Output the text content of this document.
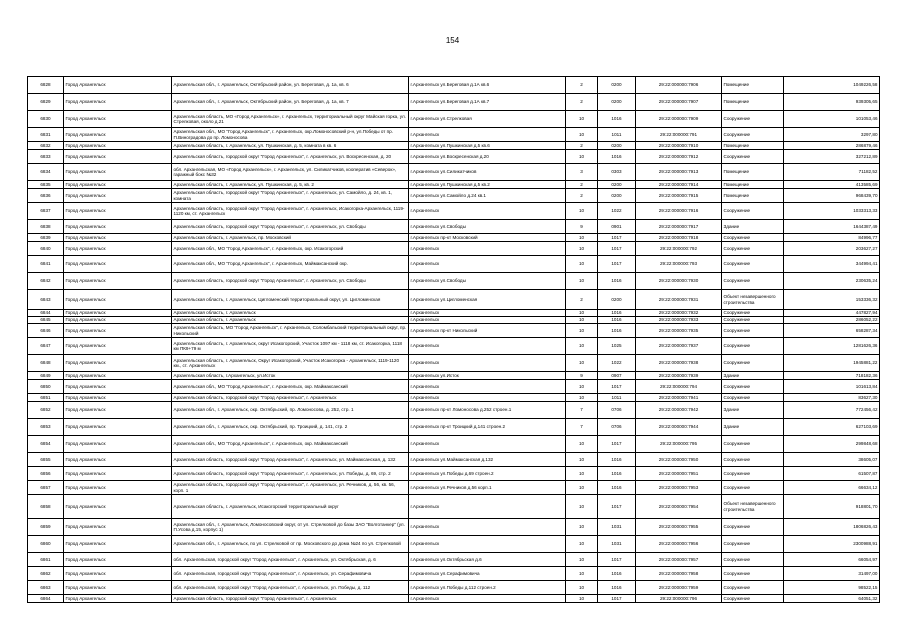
154
6828	Город Архангельск	Архангельская обл., г. Архангельск, Октябрьский район, ул. Береговая, д. 1а, кв. 6	г.Архангельск ул.Береговая д.1А кв.6	2	0200	29:22:000000:7906	Помещение	1049226,58
6829	Город Архангельск	Архангельская обл., г. Архангельск, Октябрьский район, ул. Береговая, д. 1а, кв. 7	г.Архангельск ул.Береговая д.1А кв.7	2	0200	29:22:000000:7907	Помещение	939305,65
6830	Город Архангельск	Архангельская область, МО «Город Архангельск», г. Архангельск, территориальный округ Майская горка, ул. Стрелковая, около д.21	г.Архангельск ул.Стрелковая	10	1016	29:22:000000:7909	Сооружение	101053,46
6831	Город Архангельск	Архангельская обл., МО "Город Архангельск", г. Архангельск, окр.Ломоносовский р-н, ул.Победы от пр. П.Виноградова до пр. Ломоносова	г.Архангельск	10	1011	29:22:000000:791	Сооружение	3297,80
6832	Город Архангельск	Архангельская область, г. Архангельск, ул. Пушкинская, д. 5, комната в кв. 6	г.Архангельск ул.Пушкинская д.5 кв.6	2	0200	29:22:000000:7910	Помещение	286879,46
6833	Город Архангельск	Архангельская область, городской округ "Город Архангельск", г. Архангельск, ул. Воскресенская, д. 20	г.Архангельск ул.Воскресенская д.20	10	1016	29:22:000000:7912	Сооружение	327212,89
6834	Город Архангельск	обл. Архангельская, МО «Город Архангельск», г. Архангельск, ул. Силикатчиков, кооператив «Северок», гаражный бокс №32	г.Архангельск ул.Силикатчиков	3	0303	29:22:000000:7913	Помещение	71182,52
6835	Город Архангельск	Архангельская область, г. Архангельск, ул. Пушкинская, д. 5, кв. 2	г.Архангельск ул.Пушкинская д.5 кв.2	2	0200	29:22:000000:7914	Помещение	413585,69
6836	Город Архангельск	Архангельская область, городской округ "Город Архангельск", г. Архангельск, ул. Самойло, д. 24, кв. 1, комната	г.Архангельск ул.Самойло д.24 кв.1	2	0200	29:22:000000:7915	Помещение	968439,70
6837	Город Архангельск	Архангельская область, городской округ "Город Архангельск", г. Архангельск, Исакогорка-Архангельск, 1119-1120 км, ст. Архангельск	г.Архангельск	10	1022	29:22:000000:7916	Сооружение	1033313,33
6838	Город Архангельск	Архангельская область, городской округ "Город Архангельск", г. Архангельск, ул. Свободы	г.Архангельск ул.Свободы	9	0901	29:22:000000:7917	Здание	1644387,49
6839	Город Архангельск	Архангельская область, г. Архангельск, пр. Московский	г.Архангельск пр-кт Московский	10	1017	29:22:000000:7918	Сооружение	84996,77
6840	Город Архангельск	Архангельская обл., МО "Город Архангельск", г. Архангельск, окр. Исакогорский	г.Архангельск	10	1017	29:22:000000:792	Сооружение	203627,27
6841	Город Архангельск	Архангельская обл., МО "Город Архангельск", г. Архангельск, Маймаксанский окр.	г.Архангельск	10	1017	29:22:000000:793	Сооружение	344994,41
6842	Город Архангельск	Архангельская область, городской округ "Город Архангельск", г. Архангельск, ул. Свободы	г.Архангельск ул.Свободы	10	1016	29:22:000000:7930	Сооружение	230635,24
6843	Город Архангельск	Архангельская область, г. Архангельск, Цигломенский территориальный округ, ул. Цигломенская	г.Архангельск ул.Цигломенская	2	0200	29:22:000000:7931	Объект незавершенного строительства	153336,32
6844	Город Архангельск	Архангельская область, г. Архангельск	г.Архангельск	10	1016	29:22:000000:7932	Сооружение	447827,94
6845	Город Архангельск	Архангельская область, г. Архангельск	г.Архангельск	10	1016	29:22:000000:7933	Сооружение	286052,22
6846	Город Архангельск	Архангельская область, МО "Город Архангельск", г. Архангельск, Соломбальский территориальный округ, пр. Никольский	г.Архангельск пр-кт Никольский	10	1016	29:22:000000:7935	Сооружение	658287,34
6847	Город Архангельск	Архангельская область, г. Архангельск, округ Исакогорский, Участок 1097 км - 1118 км, ст. Исакогорка, 1118 км ПК9+79 м	г.Архангельск	10	1025	29:22:000000:7937	Сооружение	1281626,36
6848	Город Архангельск	Архангельская область, г. Архангельск, Округ Исакогорский, Участок Исакогорка - Архангельск, 1119-1120 км., ст. Архангельск	г.Архангельск	10	1022	29:22:000000:7938	Сооружение	1945881,22
6849	Город Архангельск	Архангельская область, г.Архангельск, ул.Исток	г.Архангельск ул.Исток	9	0907	29:22:000000:7939	Здание	718182,36
6850	Город Архангельск	Архангельская обл., МО "Город Архангельск", г. Архангельск, окр. Маймаксанский	г.Архангельск	10	1017	29:22:000000:794	Сооружение	101613,84
6851	Город Архангельск	Архангельская область, городской округ "Город Архангельск", г. Архангельск	г.Архангельск	10	1011	29:22:000000:7941	Сооружение	83627,30
6852	Город Архангельск	Архангельская обл., г. Архангельск, окр. Октябрьский, пр. Ломоносова, д. 252, стр. 1	г.Архангельск пр-кт Ломоносова д.252 строен.1	7	0706	29:22:000000:7942	Здание	772456,42
6853	Город Архангельск	Архангельская обл., г. Архангельск, окр. Октябрьский, пр. Троицкий, д. 141, стр. 2	г.Архангельск пр-кт Троицкий д.141 строен.2	7	0706	29:22:000000:7944	Здание	627103,69
6854	Город Архангельск	Архангельская обл., МО "Город Архангельск", г. Архангельск, окр. Маймаксанский	г.Архангельск	10	1017	29:22:000000:795	Сооружение	299848,68
6855	Город Архангельск	Архангельская область, городской округ "Город Архангельск", г. Архангельск, ул. Маймаксанская, д. 132	г.Архангельск ул.Маймаксанская д.132	10	1016	29:22:000000:7950	Сооружение	38605,07
6856	Город Архангельск	Архангельская область, городской округ "Город Архангельск", г. Архангельск, ул. Победы, д. 69, стр. 2	г.Архангельск ул.Победы д.69 строен.2	10	1016	29:22:000000:7951	Сооружение	61507,87
6857	Город Архангельск	Архангельская область, городской округ "Город Архангельск", г. Архангельск, ул. Речников, д. 56, кв. 56, корп. 1	г.Архангельск ул.Речников д.56 корп.1	10	1016	29:22:000000:7953	Сооружение	66634,12
6858	Город Архангельск	Архангельская область, г. Архангельск, Исакогорский территориальный округ	г.Архангельск	10	1017	29:22:000000:7954	Объект незавершенного строительства	918801,70
6859	Город Архангельск	Архангельская обл., г. Архангельск, Ломоносовский округ, от ул. Стрелковой до базы ЗАО "Волготанкер" (ул. П.Усова д.15, корпус 1)	г.Архангельск	10	1031	29:22:000000:7955	Сооружение	1806826,43
6860	Город Архангельск	Архангельская обл., г. Архангельск, по ул. Стрелковой от пр. Московского до дома №24 по ул. Стрелковой	г.Архангельск	10	1031	29:22:000000:7956	Сооружение	2300988,91
6861	Город Архангельск	обл. Архангельская, городской округ "Город Архангельск", г. Архангельск, ул. Октябрьская, д. 6	г.Архангельск ул.Октябрьская д.6	10	1017	29:22:000000:7957	Сооружение	66054,97
6862	Город Архангельск	обл. Архангельская, городской округ "Город Архангельск", г. Архангельск, ул. Серафимовича	г.Архангельск ул.Серафимовича	10	1016	29:22:000000:7958	Сооружение	31497,00
6863	Город Архангельск	обл. Архангельская, городской округ "Город Архангельск", г. Архангельск, ул. Победы, д. 112	г.Архангельск ул.Победы д.112 строен.2	10	1016	29:22:000000:7959	Сооружение	98522,15
6864	Город Архангельск	Архангельская область, городской округ "Город Архангельск", г. Архангельск	г.Архангельск	10	1017	29:22:000000:796	Сооружение	64051,32
